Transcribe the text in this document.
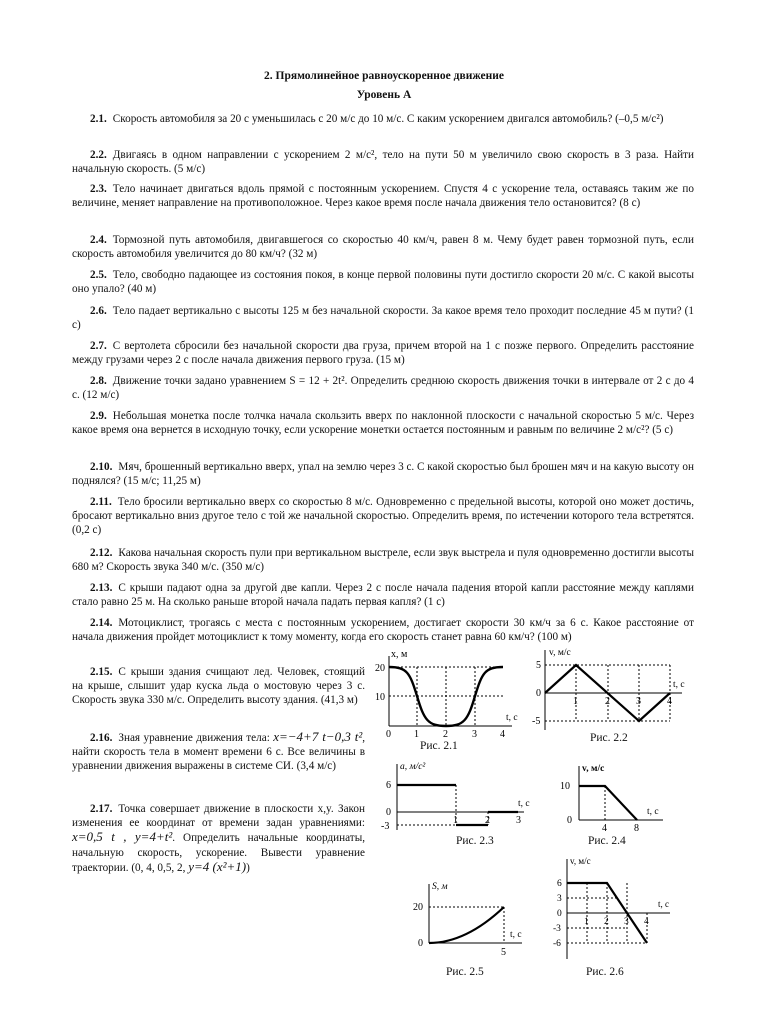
2. Прямолинейное равноускоренное движение
Уровень А

2.1. Скорость автомобиля за 20 с уменьшилась с 20 м/с до 10 м/с. С каким ускорением двигался автомобиль? (–0,5 м/с²)

2.2. Двигаясь в одном направлении с ускорением 2 м/с², тело на пути 50 м увеличило свою скорость в 3 раза. Найти начальную скорость. (5 м/с)

2.3. Тело начинает двигаться вдоль прямой с постоянным ускорением. Спустя 4 с ускорение тела, оставаясь таким же по величине, меняет направление на противоположное. Через какое время после начала движения тело остановится? (8 с)

2.4. Тормозной путь автомобиля, двигавшегося со скоростью 40 км/ч, равен 8 м. Чему будет равен тормозной путь, если скорость автомобиля увеличится до 80 км/ч? (32 м)

2.5. Тело, свободно падающее из состояния покоя, в конце первой половины пути достигло скорости 20 м/с. С какой высоты оно упало? (40 м)

2.6. Тело падает вертикально с высоты 125 м без начальной скорости. За какое время тело проходит последние 45 м пути? (1 с)

2.7. С вертолета сбросили без начальной скорости два груза, причем второй на 1 с позже первого. Определить расстояние между грузами через 2 с после начала движения первого груза. (15 м)

2.8. Движение точки задано уравнением S = 12 + 2t². Определить среднюю скорость движения точки в интервале от 2 с до 4 с. (12 м/с)

2.9. Небольшая монетка после толчка начала скользить вверх по наклонной плоскости с начальной скоростью 5 м/с. Через какое время она вернется в исходную точку, если ускорение монетки остается постоянным и равным по величине 2 м/с²? (5 с)

2.10. Мяч, брошенный вертикально вверх, упал на землю через 3 с. С какой скоростью был брошен мяч и на какую высоту он поднялся? (15 м/с; 11,25 м)

2.11. Тело бросили вертикально вверх со скоростью 8 м/с. Одновременно с предельной высоты, которой оно может достичь, бросают вертикально вниз другое тело с той же начальной скоростью. Определить время, по истечении которого тела встретятся. (0,2 с)

2.12. Какова начальная скорость пули при вертикальном выстреле, если звук выстрела и пуля одновременно достигли высоты 680 м? Скорость звука 340 м/с. (350 м/с)

2.13. С крыши падают одна за другой две капли. Через 2 с после начала падения второй капли расстояние между каплями стало равно 25 м. На сколько раньше второй начала падать первая капля? (1 с)

2.14. Мотоциклист, трогаясь с места с постоянным ускорением, достигает скорости 30 км/ч за 6 с. Какое расстояние от начала движения пройдет мотоциклист к тому моменту, когда его скорость станет равна 60 км/ч? (100 м)

2.15. С крыши здания счищают лед. Человек, стоящий на крыше, слышит удар куска льда о мостовую через 3 с. Скорость звука 330 м/с. Определить высоту здания. (41,3 м)

2.16. Зная уравнение движения тела: x=−4+7 t−0,3 t², найти скорость тела в момент времени 6 с. Все величины в уравнении движения выражены в системе СИ. (3,4 м/с)

2.17. Точка совершает движение в плоскости x,y. Закон изменения ее координат от времени задан уравнениями: x=0,5 t , y=4+t². Определить начальные координаты, начальную скорость, ускорение. Вывести уравнение траектории. (0, 4, 0,5, 2, y=4 (x²+1))

x, м
t, c
20
10
0 1 2 3 4
Рис. 2.1
v, м/с
t, c
5
0
-5
1	2	3	4
Рис. 2.2
a, м/с²
t, c
6
0
-3
1	2	3
Рис. 2.3
v, м/с
t, c
10
0
4	8
Рис. 2.4
S, м
t, c
20
0
5
Рис. 2.5
v, м/с
t, c
6
3
0
-3
-6
1 2 3 4
Рис. 2.6
